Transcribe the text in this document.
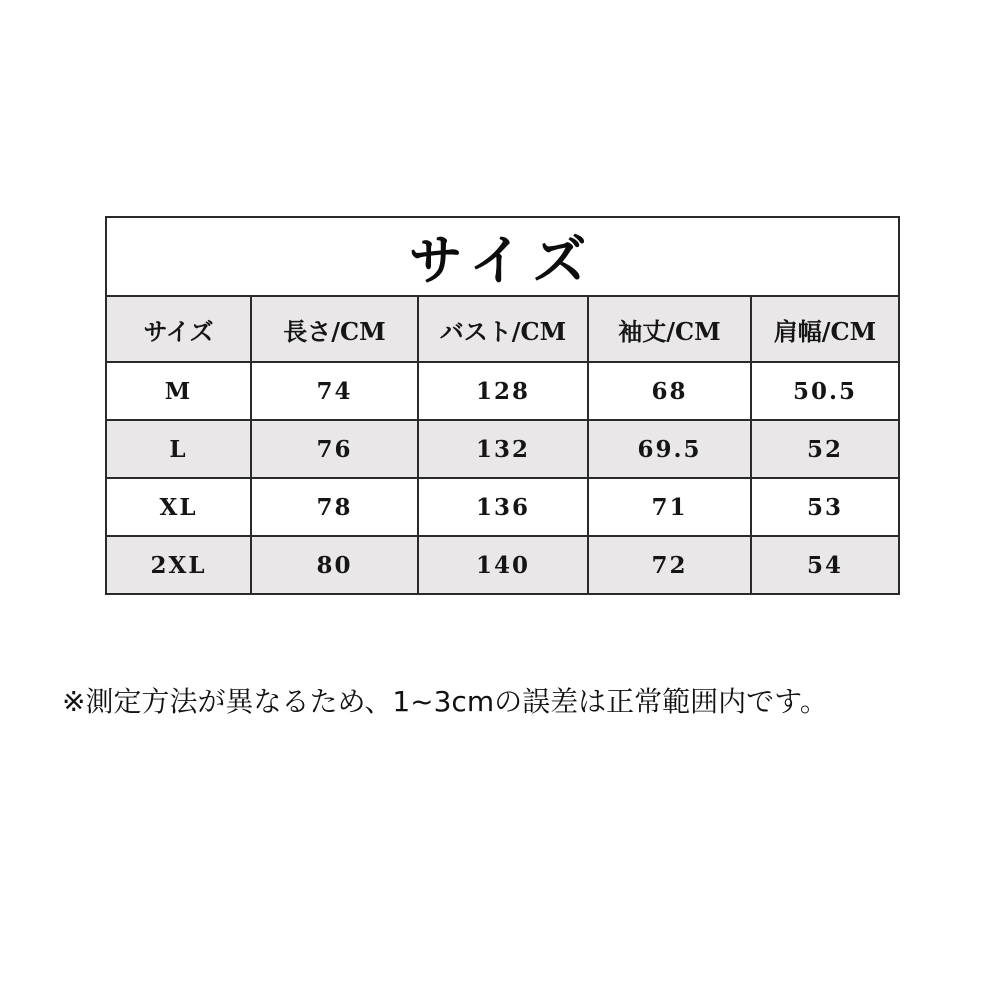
サイズ				
サイズ	長さ/CM	バスト/CM	袖丈/CM	肩幅/CM
M	74	128	68	50.5
L	76	132	69.5	52
XL	78	136	71	53
2XL	80	140	72	54
※測定方法が異なるため、1~3cmの誤差は正常範囲内です。
